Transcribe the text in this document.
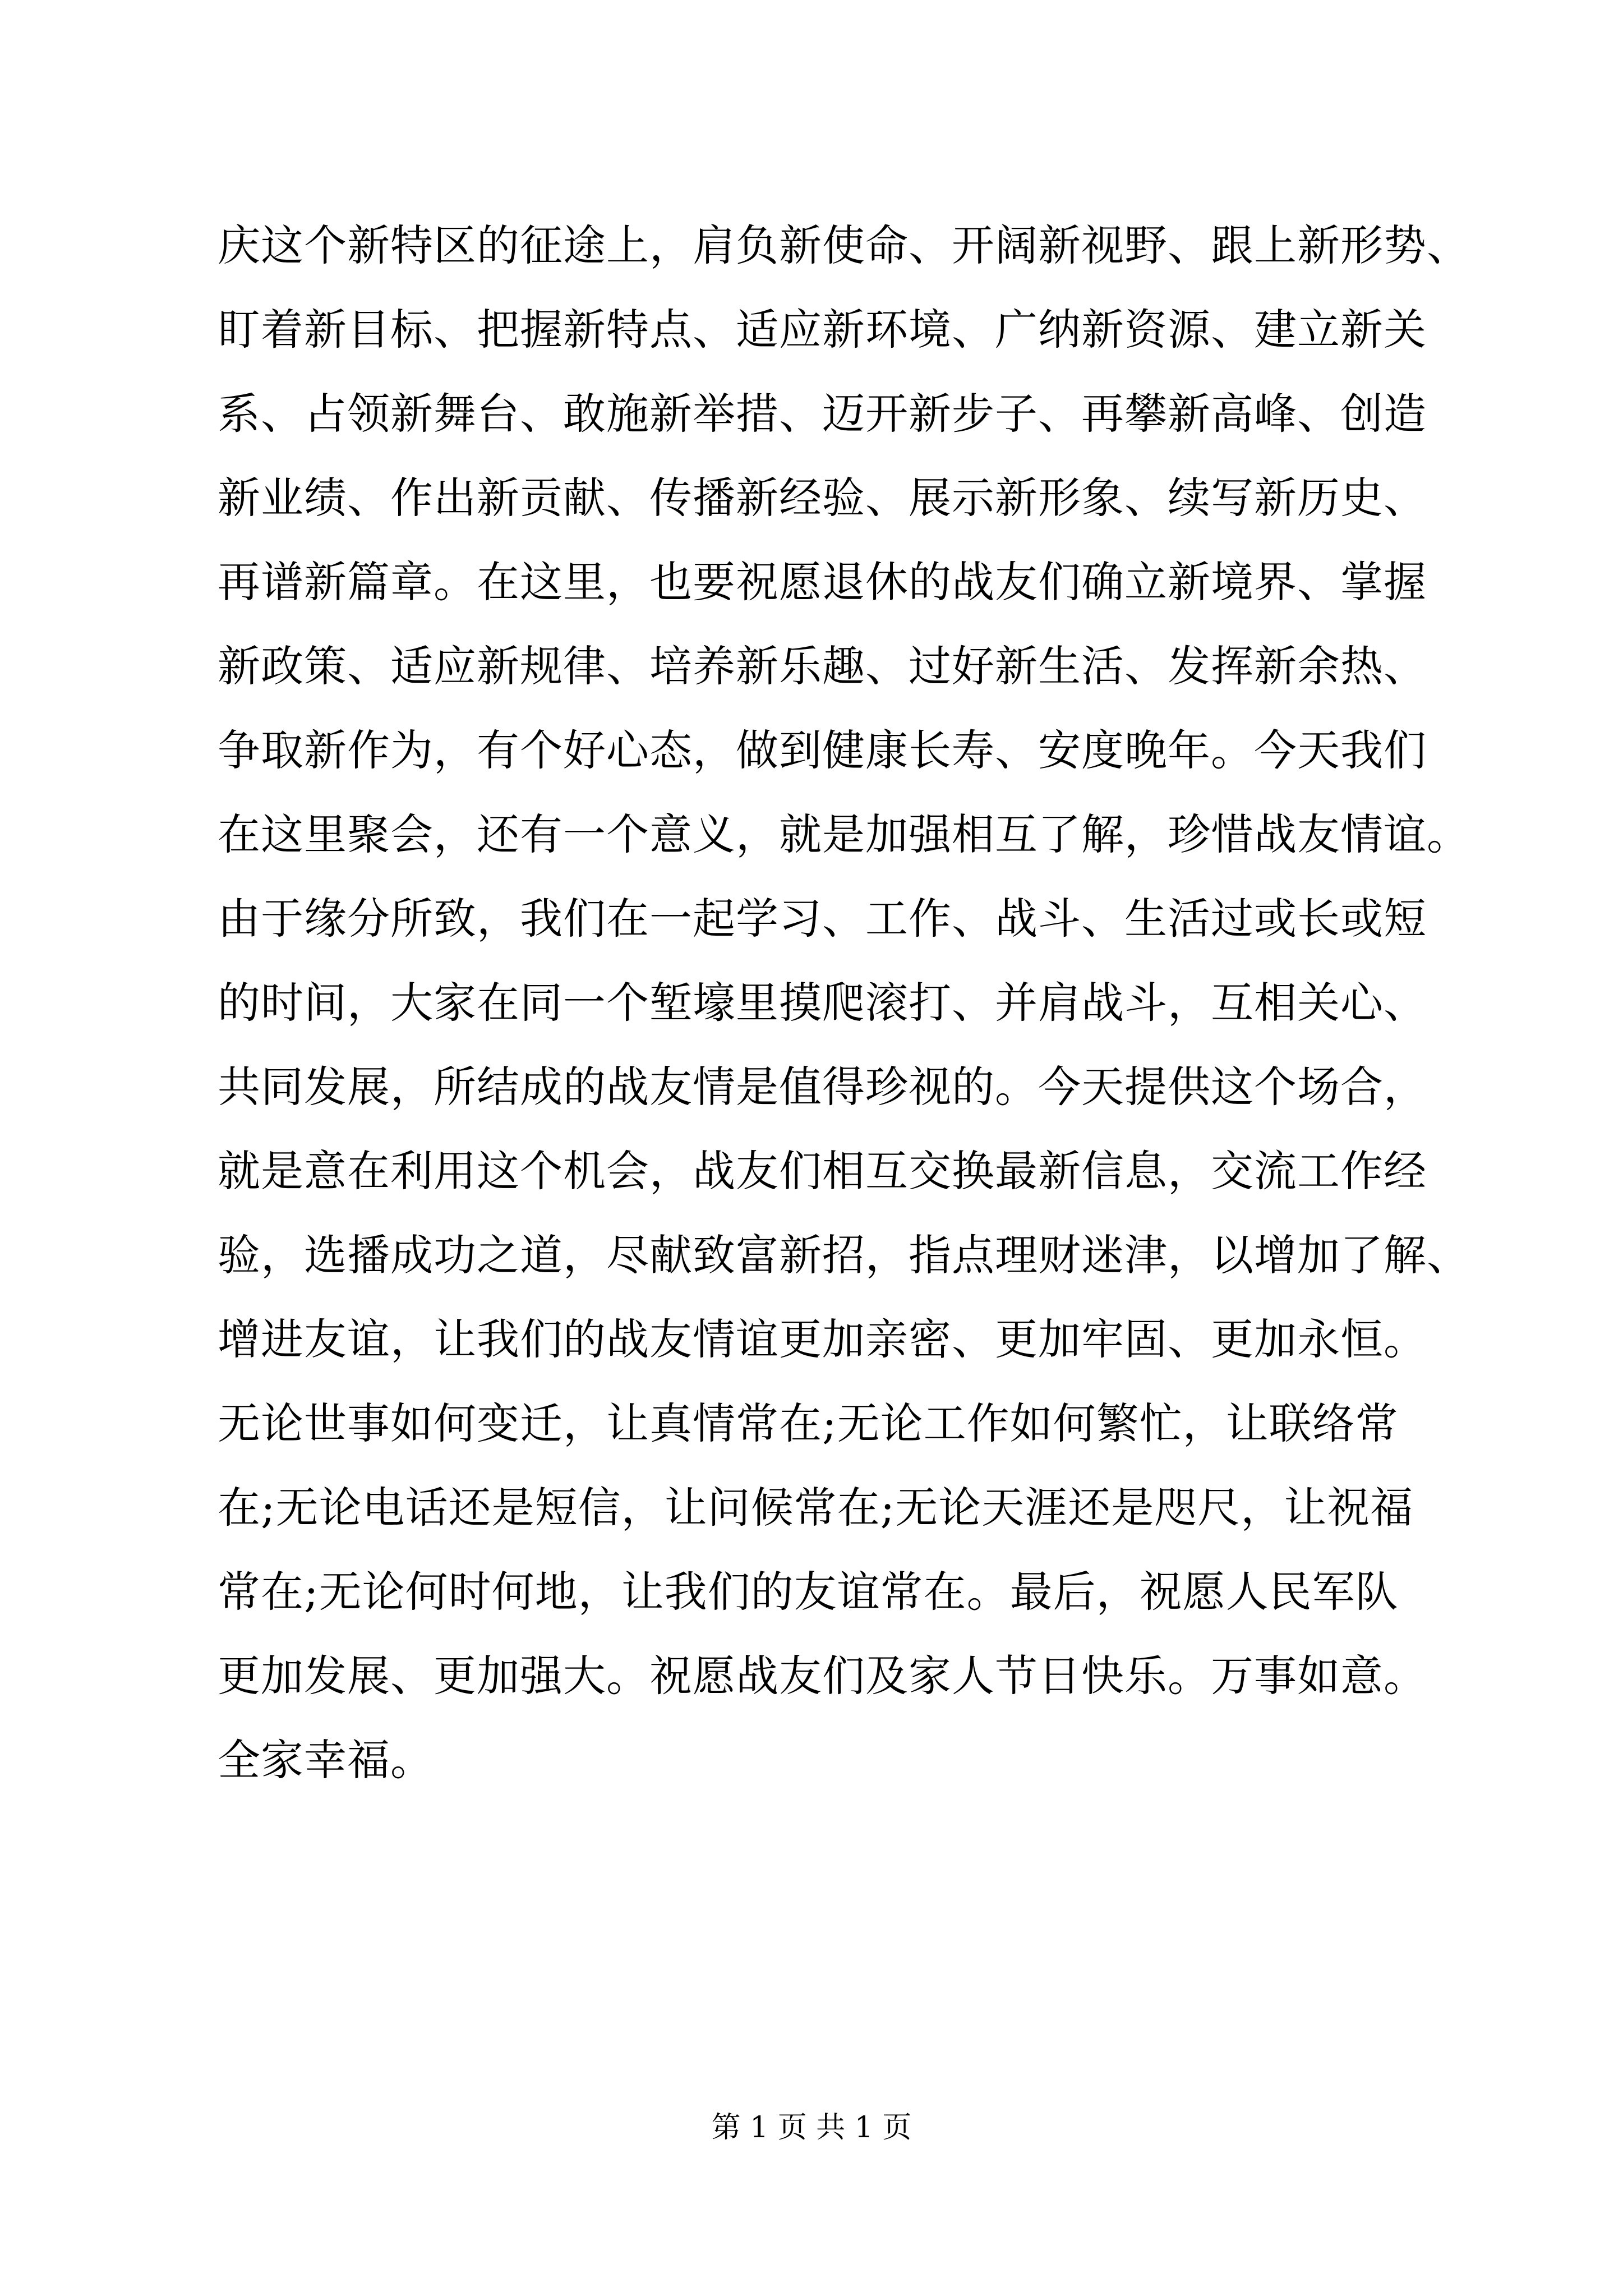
庆这个新特区的征途上，肩负新使命、开阔新视野、跟上新形势、
盯着新目标、把握新特点、适应新环境、广纳新资源、建立新关
系、占领新舞台、敢施新举措、迈开新步子、再攀新高峰、创造
新业绩、作出新贡献、传播新经验、展示新形象、续写新历史、
再谱新篇章。在这里，也要祝愿退休的战友们确立新境界、掌握
新政策、适应新规律、培养新乐趣、过好新生活、发挥新余热、
争取新作为，有个好心态，做到健康长寿、安度晚年。今天我们
在这里聚会，还有一个意义，就是加强相互了解，珍惜战友情谊。
由于缘分所致，我们在一起学习、工作、战斗、生活过或长或短
的时间，大家在同一个堑壕里摸爬滚打、并肩战斗，互相关心、
共同发展，所结成的战友情是值得珍视的。今天提供这个场合，
就是意在利用这个机会，战友们相互交换最新信息，交流工作经
验，选播成功之道，尽献致富新招，指点理财迷津，以增加了解、
增进友谊，让我们的战友情谊更加亲密、更加牢固、更加永恒。
无论世事如何变迁，让真情常在;无论工作如何繁忙，让联络常
在;无论电话还是短信，让问候常在;无论天涯还是咫尺，让祝福
常在;无论何时何地，让我们的友谊常在。最后，祝愿人民军队
更加发展、更加强大。祝愿战友们及家人节日快乐。万事如意。
全家幸福。
第 1 页 共 1 页
